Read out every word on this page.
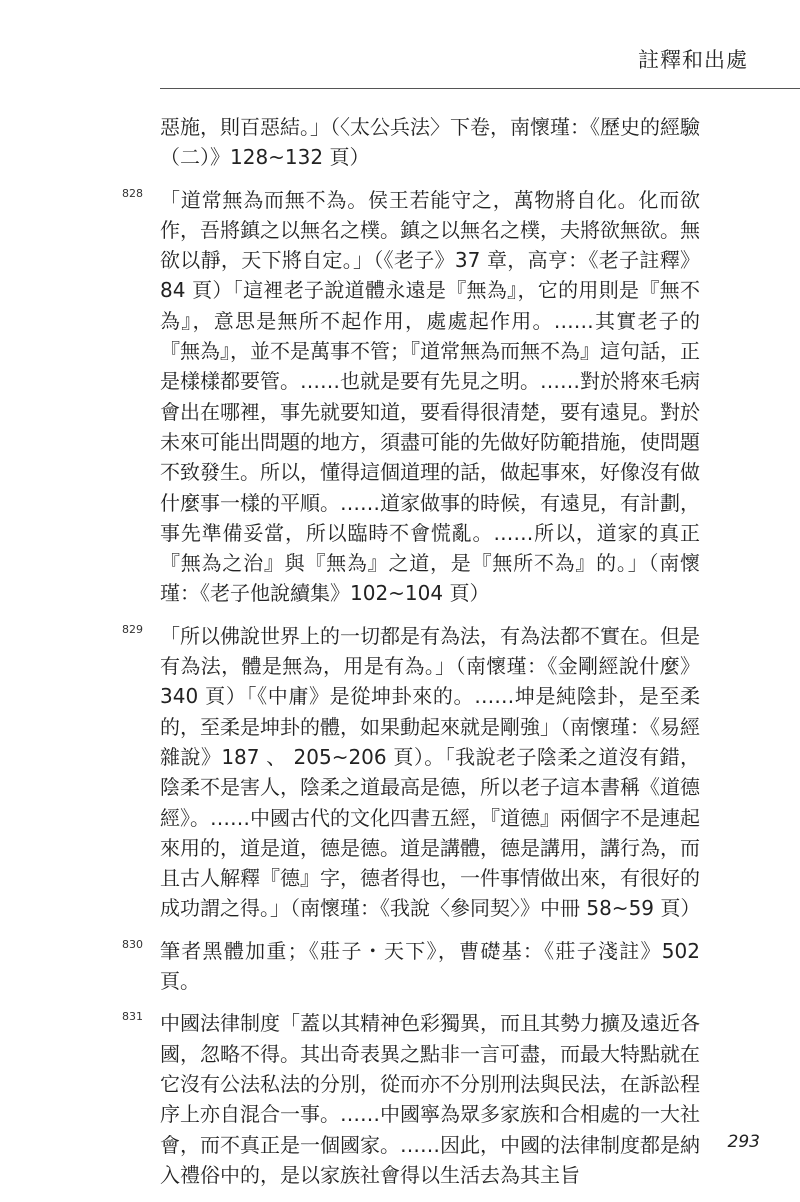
註釋和出處
惡施，則百惡結。」（〈太公兵法〉下卷，南懷瑾：《歷史的經驗（二）》128~132 頁）
828 「道常無為而無不為。侯王若能守之，萬物將自化。化而欲作，吾將鎮之以無名之樸。鎮之以無名之樸，夫將欲無欲。無欲以靜，天下將自定。」（《老子》37 章，高亨：《老子註釋》84 頁）「這裡老子說道體永遠是『無為』，它的用則是『無不為』，意思是無所不起作用，處處起作用。……其實老子的『無為』，並不是萬事不管；『道常無為而無不為』這句話，正是樣樣都要管。……也就是要有先見之明。……對於將來毛病會出在哪裡，事先就要知道，要看得很清楚，要有遠見。對於未來可能出問題的地方，須盡可能的先做好防範措施，使問題不致發生。所以，懂得這個道理的話，做起事來，好像沒有做什麼事一樣的平順。……道家做事的時候，有遠見，有計劃，事先準備妥當，所以臨時不會慌亂。……所以，道家的真正『無為之治』與『無為』之道，是『無所不為』的。」（南懷瑾：《老子他說續集》102~104 頁）
829 「所以佛說世界上的一切都是有為法，有為法都不實在。但是有為法，體是無為，用是有為。」（南懷瑾：《金剛經說什麼》340 頁）「《中庸》是從坤卦來的。……坤是純陰卦，是至柔的，至柔是坤卦的體，如果動起來就是剛強」（南懷瑾：《易經雜說》187 、 205~206 頁）。「我說老子陰柔之道沒有錯，陰柔不是害人，陰柔之道最高是德，所以老子這本書稱《道德經》。……中國古代的文化四書五經，『道德』兩個字不是連起來用的，道是道，德是德。道是講體，德是講用，講行為，而且古人解釋『德』字，德者得也，一件事情做出來，有很好的成功謂之得。」（南懷瑾：《我說〈參同契〉》中冊 58~59 頁）
830 筆者黑體加重；《莊子・天下》，曹礎基：《莊子淺註》502 頁。
831 中國法律制度「蓋以其精神色彩獨異，而且其勢力擴及遠近各國，忽略不得。其出奇表異之點非一言可盡，而最大特點就在它沒有公法私法的分別，從而亦不分別刑法與民法，在訴訟程序上亦自混合一事。……中國寧為眾多家族和合相處的一大社會，而不真正是一個國家。……因此，中國的法律制度都是納入禮俗中的，是以家族社會得以生活去為其主旨
293
